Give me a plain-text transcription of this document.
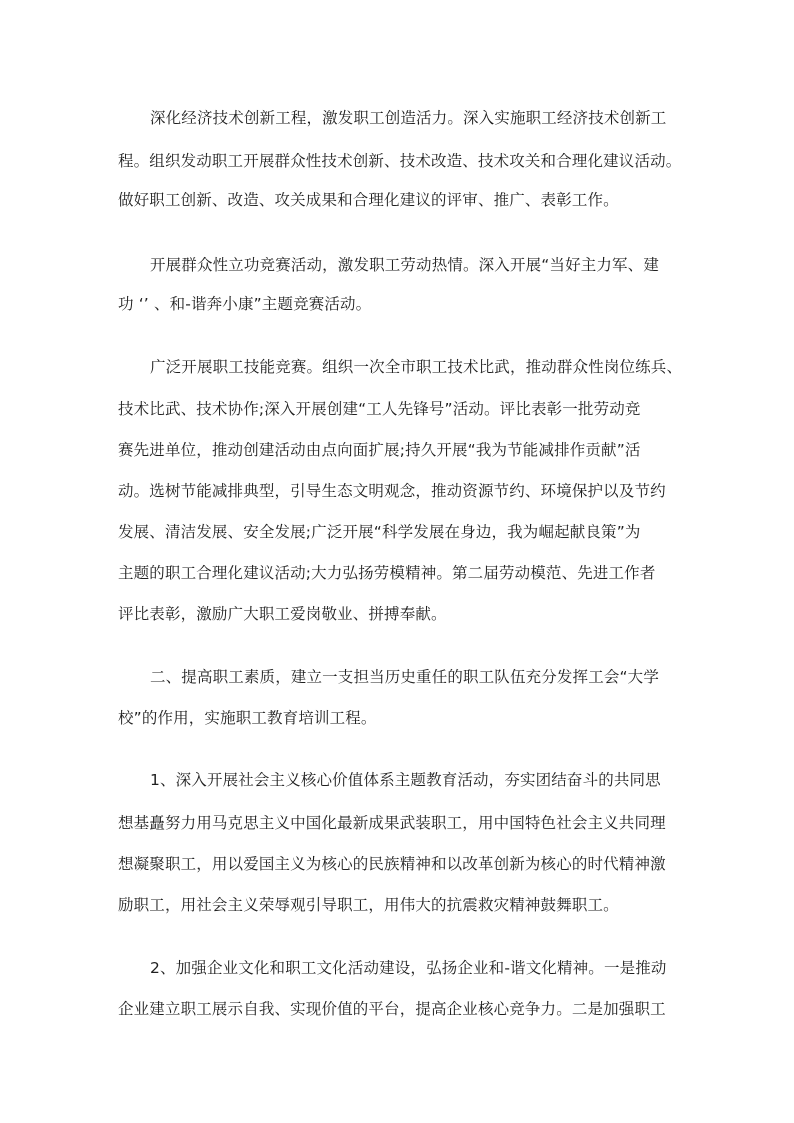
深化经济技术创新工程，激发职工创造活力。深入实施职工经济技术创新工
程。组织发动职工开展群众性技术创新、技术改造、技术攻关和合理化建议活动。
做好职工创新、改造、攻关成果和合理化建议的评审、推广、表彰工作。
开展群众性立功竞赛活动，激发职工劳动热情。深入开展“当好主力军、建
功 ‘’ 、和-谐奔小康”主题竞赛活动。
广泛开展职工技能竞赛。组织一次全市职工技术比武，推动群众性岗位练兵、
技术比武、技术协作;深入开展创建“工人先锋号”活动。评比表彰一批劳动竞
赛先进单位，推动创建活动由点向面扩展;持久开展“我为节能减排作贡献”活
动。选树节能减排典型，引导生态文明观念，推动资源节约、环境保护以及节约
发展、清洁发展、安全发展;广泛开展“科学发展在身边，我为崛起献良策”为
主题的职工合理化建议活动;大力弘扬劳模精神。第二届劳动模范、先进工作者
评比表彰，激励广大职工爱岗敬业、拼搏奉献。
二、提高职工素质，建立一支担当历史重任的职工队伍充分发挥工会“大学
校”的作用，实施职工教育培训工程。
1、深入开展社会主义核心价值体系主题教育活动，夯实团结奋斗的共同思
想基矗努力用马克思主义中国化最新成果武装职工，用中国特色社会主义共同理
想凝聚职工，用以爱国主义为核心的民族精神和以改革创新为核心的时代精神激
励职工，用社会主义荣辱观引导职工，用伟大的抗震救灾精神鼓舞职工。
2、加强企业文化和职工文化活动建设，弘扬企业和-谐文化精神。一是推动
企业建立职工展示自我、实现价值的平台，提高企业核心竞争力。二是加强职工
